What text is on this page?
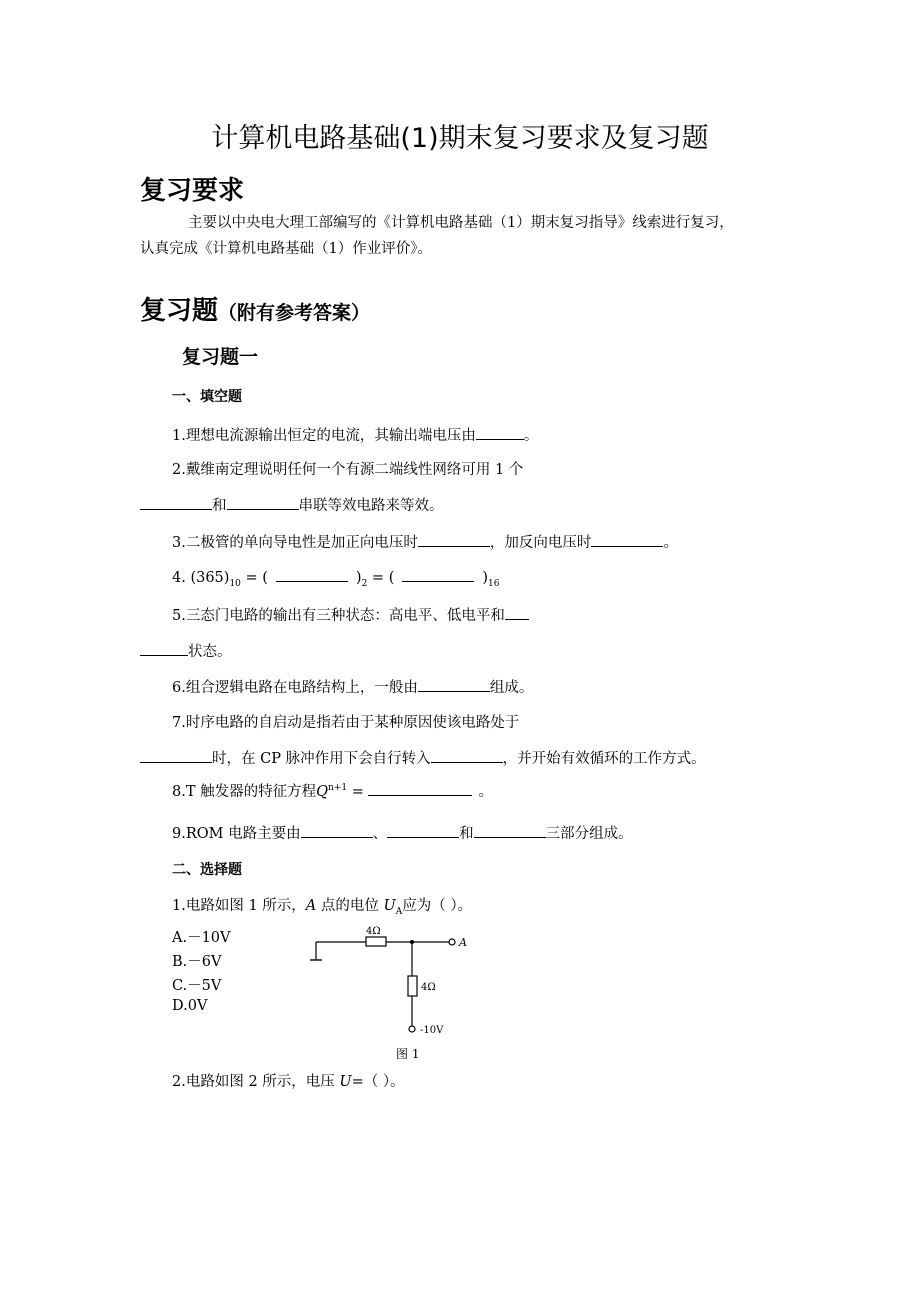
计算机电路基础(1)期末复习要求及复习题
复习要求
主要以中央电大理工部编写的《计算机电路基础（1）期末复习指导》线索进行复习，
认真完成《计算机电路基础（1）作业评价》。
复习题（附有参考答案）
复习题一
一、填空题
1.理想电流源输出恒定的电流，其输出端电压由	。
2.戴维南定理说明任何一个有源二端线性网络可用 1 个
和	串联等效电路来等效。
3.二极管的单向导电性是加正向电压时	，加反向电压时	。
4. $(365)_{10}$ = (	)$_2$ = (	)$_{16}$
5.三态门电路的输出有三种状态：高电平、低电平和
状态。
6.组合逻辑电路在电路结构上，一般由	组成。
7.时序电路的自启动是指若由于某种原因使该电路处于
时，在 CP 脉冲作用下会自行转入	，并开始有效循环的工作方式。
8.T 触发器的特征方程$Q^{n+1}$ =	。
9.ROM 电路主要由	、	和	三部分组成。
二、选择题
1.电路如图 1 所示，A 点的电位 $U_A$应为（ ）。
A.－10V
B.－6V
C.－5V
D.0V
4Ω
A
4Ω
-10V
图 1
2.电路如图 2 所示，电压 U=（ ）。
